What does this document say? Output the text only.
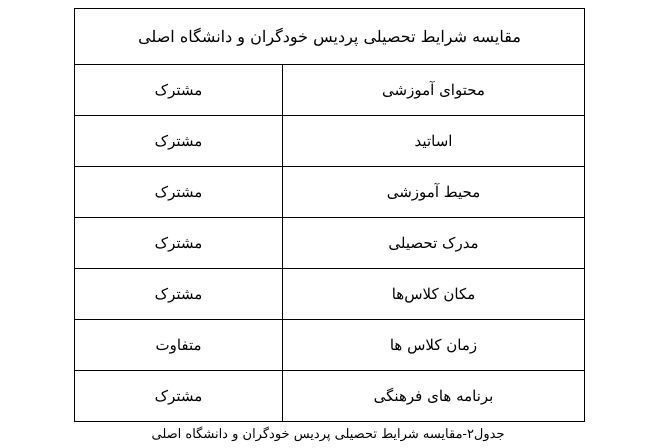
مقایسه شرایط تحصیلی پردیس خودگران و دانشگاه اصلی	
محتوای آموزشی	مشترک
اساتید	مشترک
محیط آموزشی	مشترک
مدرک تحصیلی	مشترک
مکان کلاس‌ها	مشترک
زمان کلاس ها	متفاوت
برنامه های فرهنگی	مشترک
جدول۲-مقایسه شرایط تحصیلی پردیس خودگران و دانشگاه اصلی
